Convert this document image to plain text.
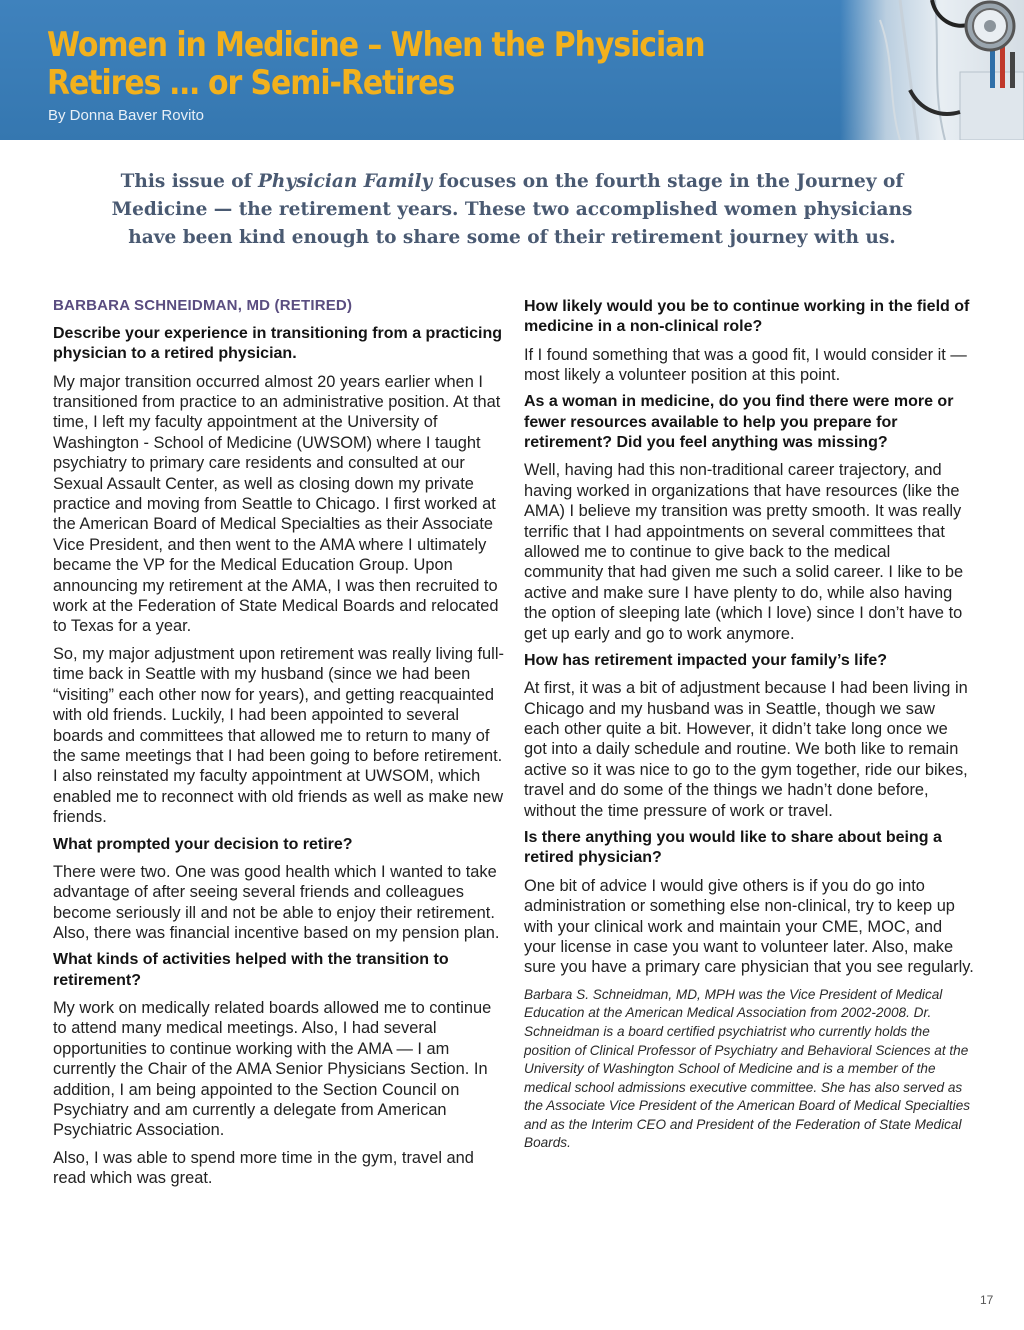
Women in Medicine – When the Physician Retires … or Semi-Retires
By Donna Baver Rovito

This issue of Physician Family focuses on the fourth stage in the Journey of Medicine — the retirement years. These two accomplished women physicians have been kind enough to share some of their retirement journey with us.

BARBARA SCHNEIDMAN, MD (RETIRED)

Describe your experience in transitioning from a practicing physician to a retired physician.

My major transition occurred almost 20 years earlier when I transitioned from practice to an administrative position. At that time, I left my faculty appointment at the University of Washington - School of Medicine (UWSOM) where I taught psychiatry to primary care residents and consulted at our Sexual Assault Center, as well as closing down my private practice and moving from Seattle to Chicago. I first worked at the American Board of Medical Specialties as their Associate Vice President, and then went to the AMA where I ultimately became the VP for the Medical Education Group. Upon announcing my retirement at the AMA, I was then recruited to work at the Federation of State Medical Boards and relocated to Texas for a year.

So, my major adjustment upon retirement was really living full-time back in Seattle with my husband (since we had been “visiting” each other now for years), and getting reacquainted with old friends. Luckily, I had been appointed to several boards and committees that allowed me to return to many of the same meetings that I had been going to before retirement. I also reinstated my faculty appointment at UWSOM, which enabled me to reconnect with old friends as well as make new friends.

What prompted your decision to retire?

There were two. One was good health which I wanted to take advantage of after seeing several friends and colleagues become seriously ill and not be able to enjoy their retirement. Also, there was financial incentive based on my pension plan.

What kinds of activities helped with the transition to retirement?

My work on medically related boards allowed me to continue to attend many medical meetings. Also, I had several opportunities to continue working with the AMA — I am currently the Chair of the AMA Senior Physicians Section. In addition, I am being appointed to the Section Council on Psychiatry and am currently a delegate from American Psychiatric Association.

Also, I was able to spend more time in the gym, travel and read which was great.

How likely would you be to continue working in the field of medicine in a non-clinical role?

If I found something that was a good fit, I would consider it — most likely a volunteer position at this point.

As a woman in medicine, do you find there were more or fewer resources available to help you prepare for retirement? Did you feel anything was missing?

Well, having had this non-traditional career trajectory, and having worked in organizations that have resources (like the AMA) I believe my transition was pretty smooth. It was really terrific that I had appointments on several committees that allowed me to continue to give back to the medical community that had given me such a solid career. I like to be active and make sure I have plenty to do, while also having the option of sleeping late (which I love) since I don’t have to get up early and go to work anymore.

How has retirement impacted your family’s life?

At first, it was a bit of adjustment because I had been living in Chicago and my husband was in Seattle, though we saw each other quite a bit. However, it didn’t take long once we got into a daily schedule and routine. We both like to remain active so it was nice to go to the gym together, ride our bikes, travel and do some of the things we hadn’t done before, without the time pressure of work or travel.

Is there anything you would like to share about being a retired physician?

One bit of advice I would give others is if you do go into administration or something else non-clinical, try to keep up with your clinical work and maintain your CME, MOC, and your license in case you want to volunteer later. Also, make sure you have a primary care physician that you see regularly.

Barbara S. Schneidman, MD, MPH was the Vice President of Medical Education at the American Medical Association from 2002-2008. Dr. Schneidman is a board certified psychiatrist who currently holds the position of Clinical Professor of Psychiatry and Behavioral Sciences at the University of Washington School of Medicine and is a member of the medical school admissions executive committee. She has also served as the Associate Vice President of the American Board of Medical Specialties and as the Interim CEO and President of the Federation of State Medical Boards.

17
